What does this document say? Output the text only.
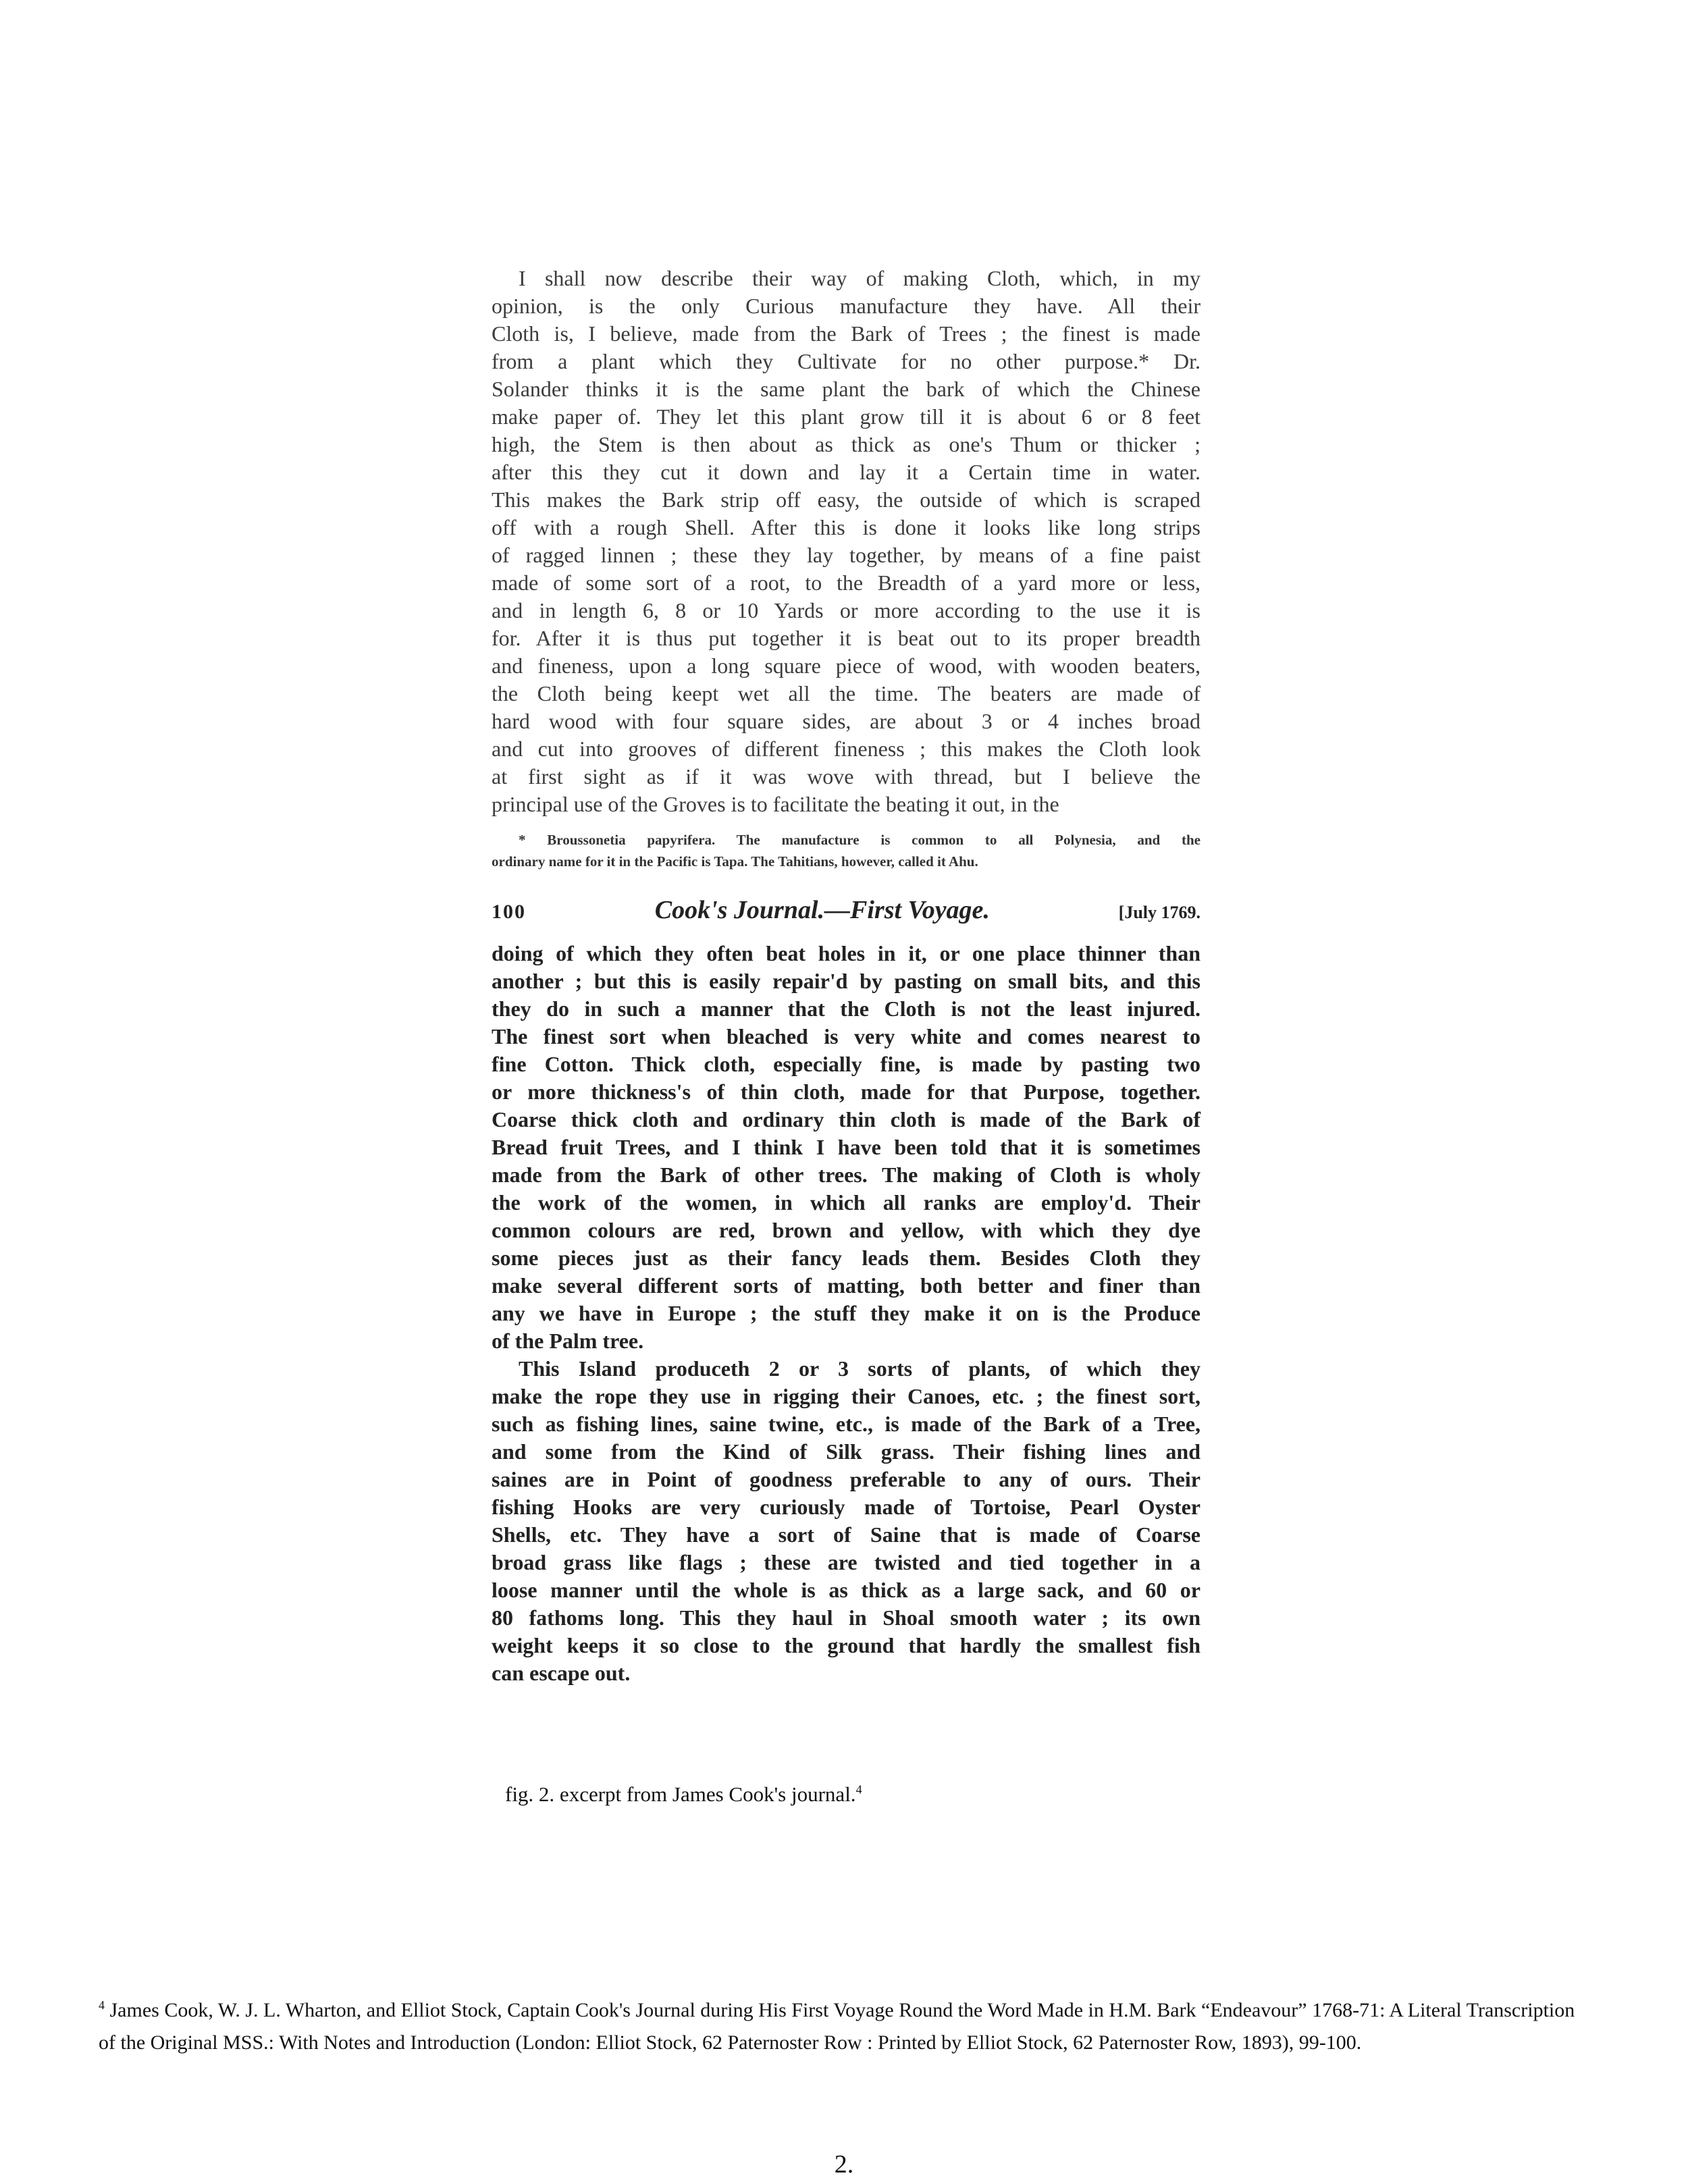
I shall now describe their way of making Cloth, which, in my
opinion, is the only Curious manufacture they have. All their
Cloth is, I believe, made from the Bark of Trees ; the finest is made
from a plant which they Cultivate for no other purpose.* Dr.
Solander thinks it is the same plant the bark of which the Chinese
make paper of. They let this plant grow till it is about 6 or 8 feet
high, the Stem is then about as thick as one's Thum or thicker ;
after this they cut it down and lay it a Certain time in water.
This makes the Bark strip off easy, the outside of which is scraped
off with a rough Shell. After this is done it looks like long strips
of ragged linnen ; these they lay together, by means of a fine paist
made of some sort of a root, to the Breadth of a yard more or less,
and in length 6, 8 or 10 Yards or more according to the use it is
for. After it is thus put together it is beat out to its proper breadth
and fineness, upon a long square piece of wood, with wooden beaters,
the Cloth being keept wet all the time. The beaters are made of
hard wood with four square sides, are about 3 or 4 inches broad
and cut into grooves of different fineness ; this makes the Cloth look
at first sight as if it was wove with thread, but I believe the
principal use of the Groves is to facilitate the beating it out, in the
* Broussonetia papyrifera. The manufacture is common to all Polynesia, and the
ordinary name for it in the Pacific is Tapa. The Tahitians, however, called it Ahu.
100	Cook's Journal.—First Voyage.	[July 1769.
doing of which they often beat holes in it, or one place thinner than
another ; but this is easily repair'd by pasting on small bits, and this
they do in such a manner that the Cloth is not the least injured.
The finest sort when bleached is very white and comes nearest to
fine Cotton. Thick cloth, especially fine, is made by pasting two
or more thickness's of thin cloth, made for that Purpose, together.
Coarse thick cloth and ordinary thin cloth is made of the Bark of
Bread fruit Trees, and I think I have been told that it is sometimes
made from the Bark of other trees. The making of Cloth is wholy
the work of the women, in which all ranks are employ'd. Their
common colours are red, brown and yellow, with which they dye
some pieces just as their fancy leads them. Besides Cloth they
make several different sorts of matting, both better and finer than
any we have in Europe ; the stuff they make it on is the Produce
of the Palm tree.
This Island produceth 2 or 3 sorts of plants, of which they
make the rope they use in rigging their Canoes, etc. ; the finest sort,
such as fishing lines, saine twine, etc., is made of the Bark of a Tree,
and some from the Kind of Silk grass. Their fishing lines and
saines are in Point of goodness preferable to any of ours. Their
fishing Hooks are very curiously made of Tortoise, Pearl Oyster
Shells, etc. They have a sort of Saine that is made of Coarse
broad grass like flags ; these are twisted and tied together in a
loose manner until the whole is as thick as a large sack, and 60 or
80 fathoms long. This they haul in Shoal smooth water ; its own
weight keeps it so close to the ground that hardly the smallest fish
can escape out.
fig. 2. excerpt from James Cook's journal.$^4$
$^4$ James Cook, W. J. L. Wharton, and Elliot Stock, Captain Cook's Journal during His First Voyage Round the Word Made in H.M. Bark “Endeavour” 1768-71: A Literal Transcription of the Original MSS.: With Notes and Introduction (London: Elliot Stock, 62 Paternoster Row : Printed by Elliot Stock, 62 Paternoster Row, 1893), 99-100.
2.
